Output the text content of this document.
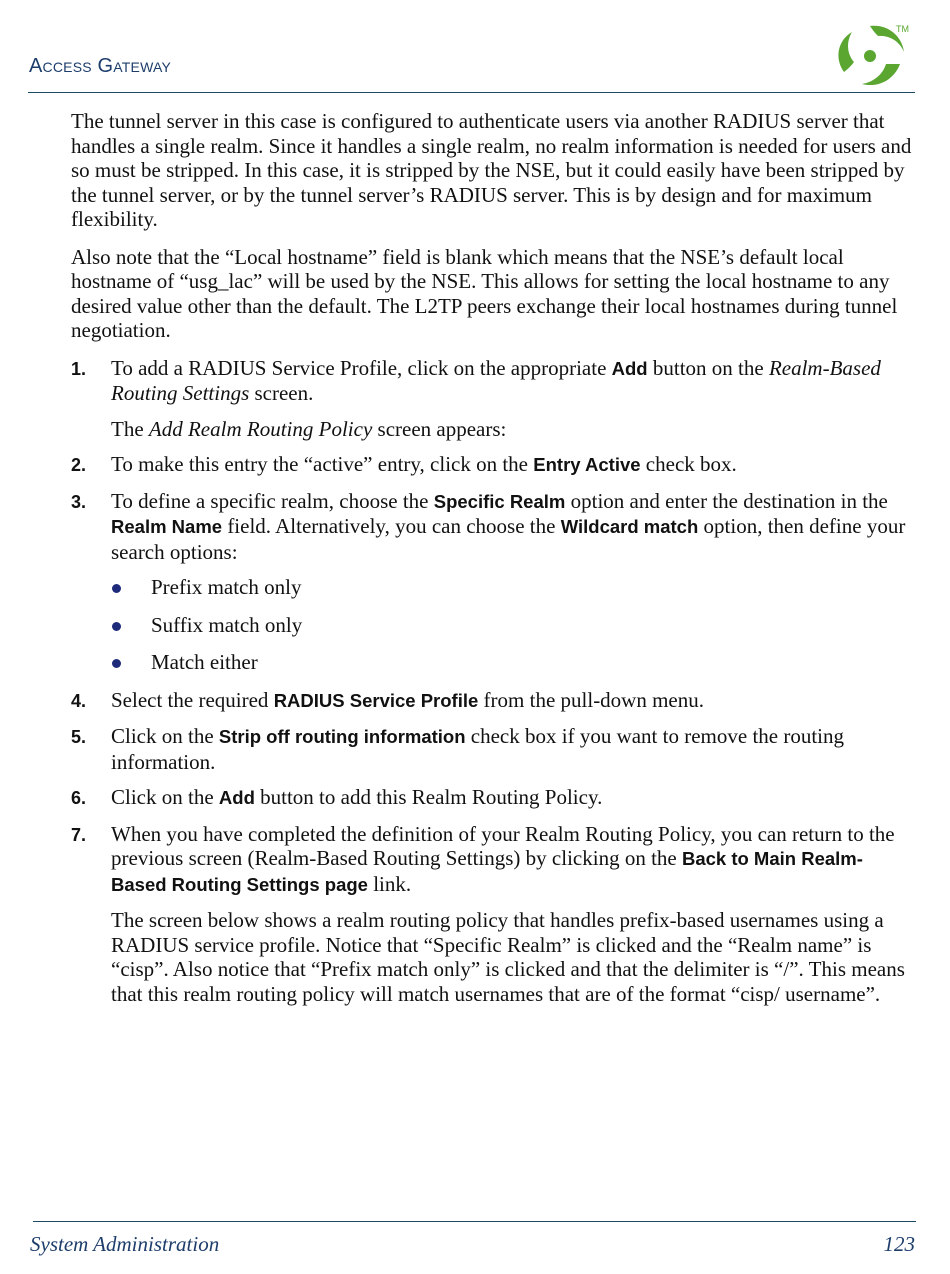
Access Gateway
TM

The tunnel server in this case is configured to authenticate users via another RADIUS server that handles a single realm. Since it handles a single realm, no realm information is needed for users and so must be stripped. In this case, it is stripped by the NSE, but it could easily have been stripped by the tunnel server, or by the tunnel server’s RADIUS server. This is by design and for maximum flexibility.

Also note that the “Local hostname” field is blank which means that the NSE’s default local hostname of “usg_lac” will be used by the NSE. This allows for setting the local hostname to any desired value other than the default. The L2TP peers exchange their local hostnames during tunnel negotiation.

1. To add a RADIUS Service Profile, click on the appropriate Add button on the Realm-Based Routing Settings screen.
The Add Realm Routing Policy screen appears:
2. To make this entry the “active” entry, click on the Entry Active check box.
3. To define a specific realm, choose the Specific Realm option and enter the destination in the Realm Name field. Alternatively, you can choose the Wildcard match option, then define your search options:
Prefix match only
Suffix match only
Match either
4. Select the required RADIUS Service Profile from the pull-down menu.
5. Click on the Strip off routing information check box if you want to remove the routing information.
6. Click on the Add button to add this Realm Routing Policy.
7. When you have completed the definition of your Realm Routing Policy, you can return to the previous screen (Realm-Based Routing Settings) by clicking on the Back to Main Realm-Based Routing Settings page link.
The screen below shows a realm routing policy that handles prefix-based usernames using a RADIUS service profile. Notice that “Specific Realm” is clicked and the “Realm name” is “cisp”. Also notice that “Prefix match only” is clicked and that the delimiter is “/”. This means that this realm routing policy will match usernames that are of the format “cisp/ username”.
System Administration	123
